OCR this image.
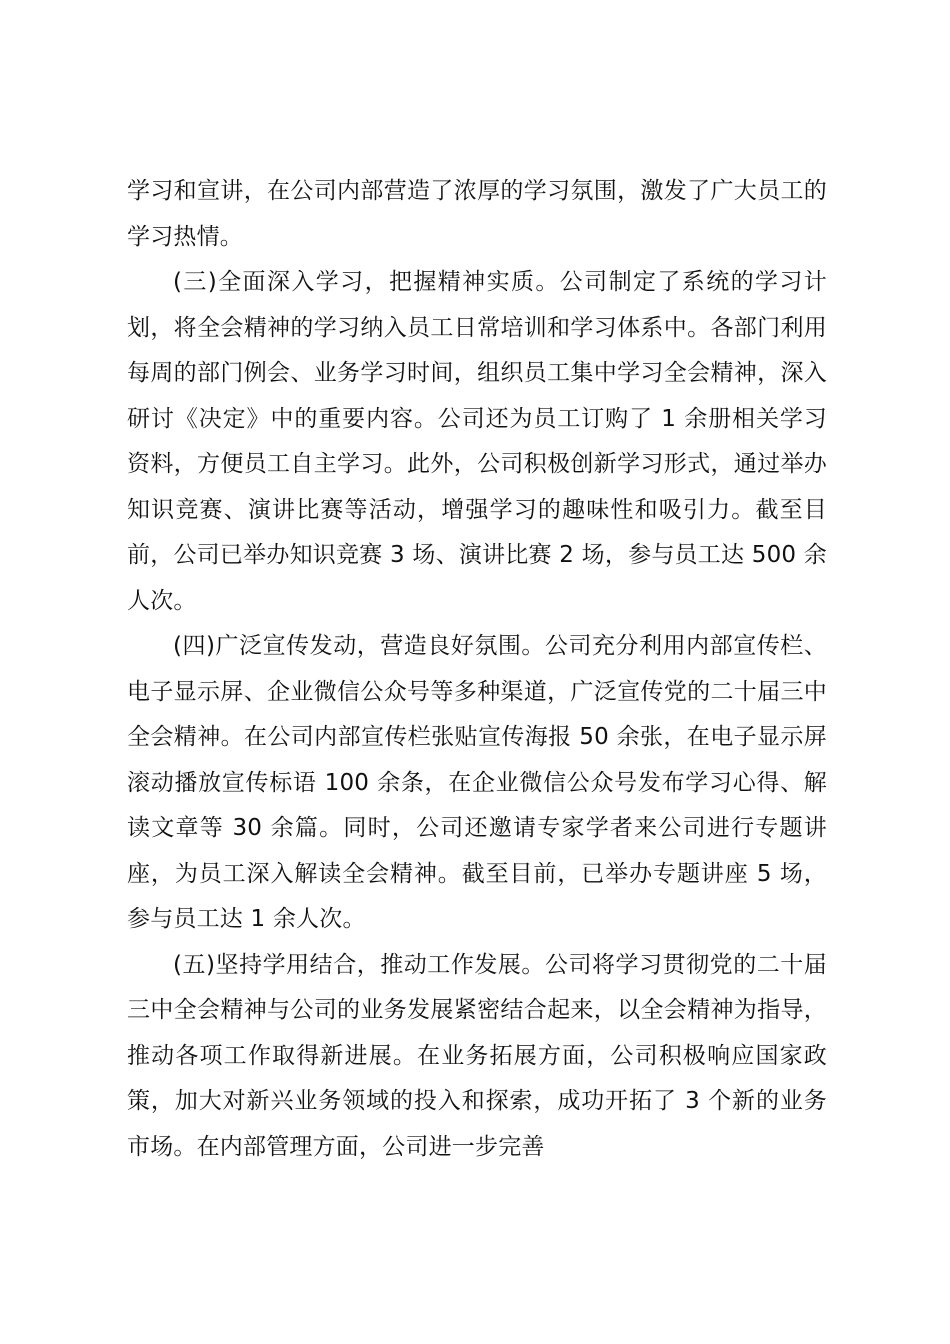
学习和宣讲，在公司内部营造了浓厚的学习氛围，激发了广大员工的学习热情。

(三)全面深入学习，把握精神实质。公司制定了系统的学习计划，将全会精神的学习纳入员工日常培训和学习体系中。各部门利用每周的部门例会、业务学习时间，组织员工集中学习全会精神，深入研讨《决定》中的重要内容。公司还为员工订购了 1 余册相关学习资料，方便员工自主学习。此外，公司积极创新学习形式，通过举办知识竞赛、演讲比赛等活动，增强学习的趣味性和吸引力。截至目前，公司已举办知识竞赛 3 场、演讲比赛 2 场，参与员工达 500 余人次。

(四)广泛宣传发动，营造良好氛围。公司充分利用内部宣传栏、电子显示屏、企业微信公众号等多种渠道，广泛宣传党的二十届三中全会精神。在公司内部宣传栏张贴宣传海报 50 余张，在电子显示屏滚动播放宣传标语 100 余条，在企业微信公众号发布学习心得、解读文章等 30 余篇。同时，公司还邀请专家学者来公司进行专题讲座，为员工深入解读全会精神。截至目前，已举办专题讲座 5 场，参与员工达 1 余人次。

(五)坚持学用结合，推动工作发展。公司将学习贯彻党的二十届三中全会精神与公司的业务发展紧密结合起来，以全会精神为指导，推动各项工作取得新进展。在业务拓展方面，公司积极响应国家政策，加大对新兴业务领域的投入和探索，成功开拓了 3 个新的业务市场。在内部管理方面，公司进一步完善
